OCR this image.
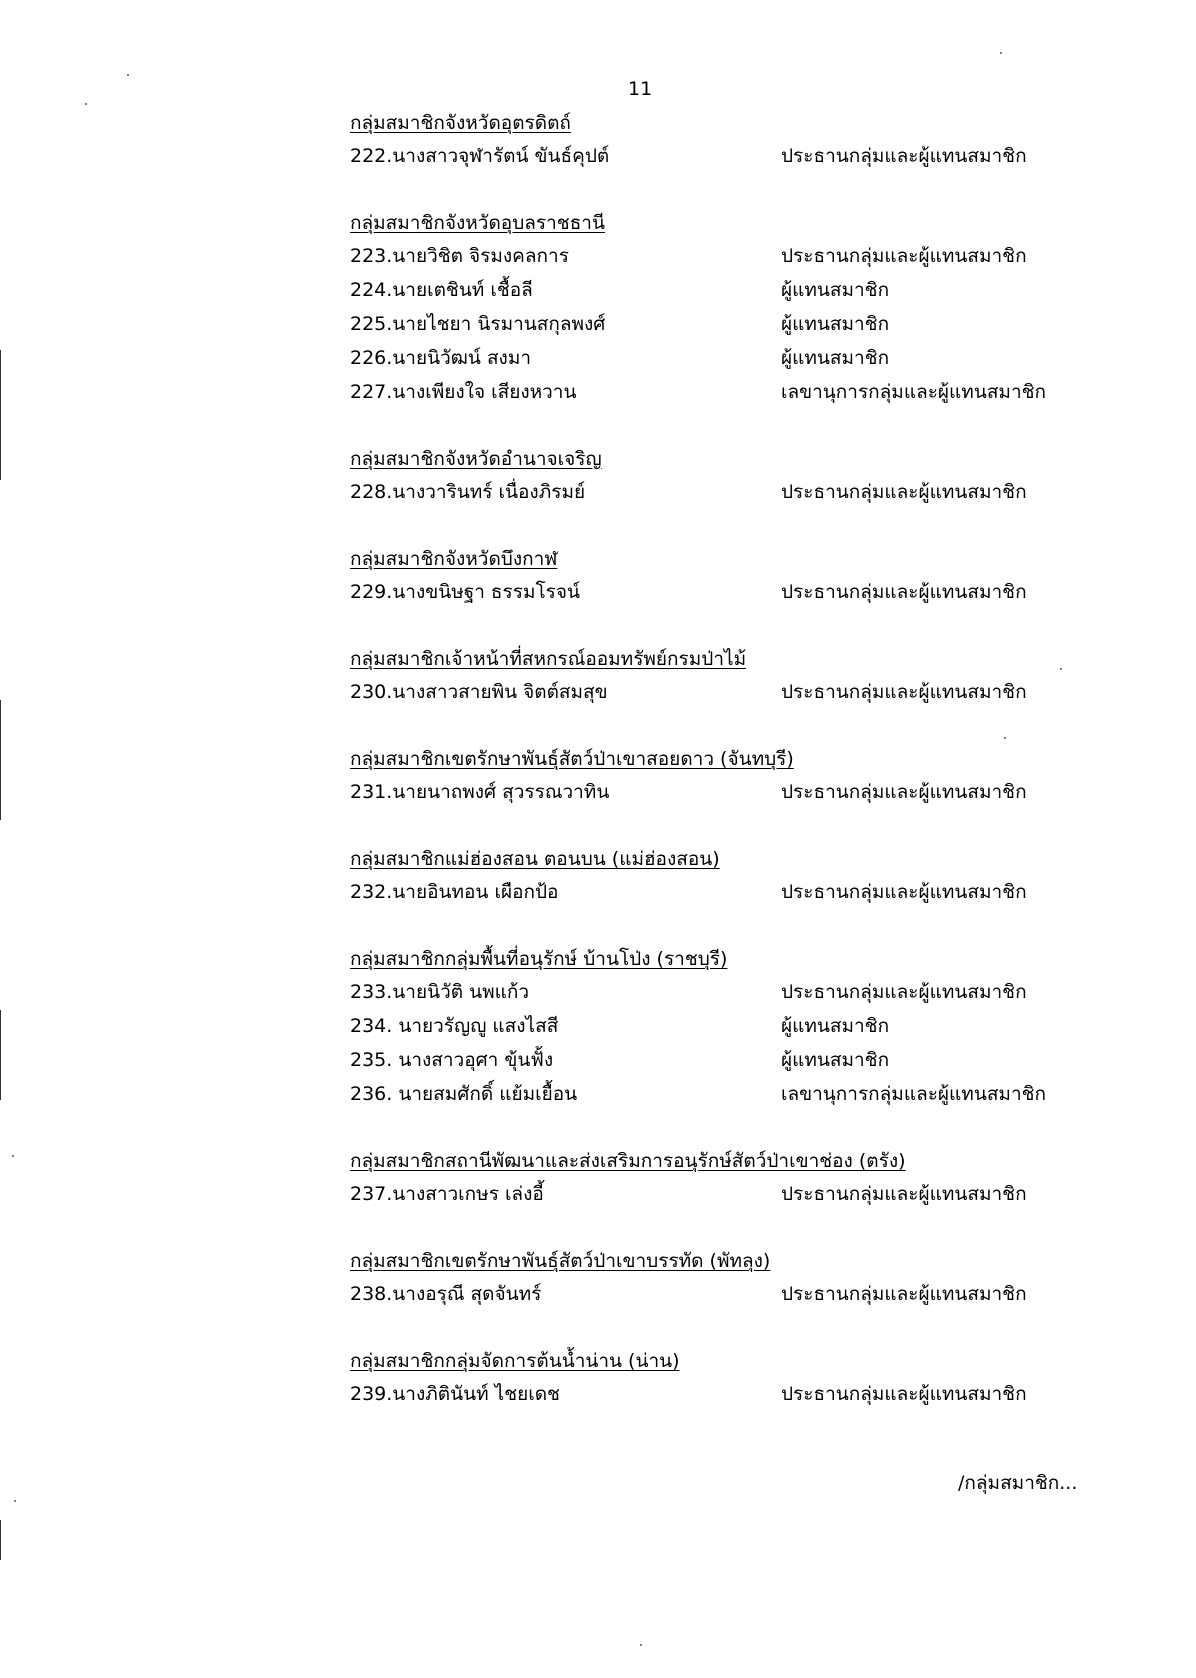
11
กลุ่มสมาชิกจังหวัดอุตรดิตถ์
222.นางสาวจุฬารัตน์ ขันธ์คุปต์	ประธานกลุ่มและผู้แทนสมาชิก
กลุ่มสมาชิกจังหวัดอุบลราชธานี
223.นายวิชิต จิรมงคลการ	ประธานกลุ่มและผู้แทนสมาชิก
224.นายเตชินท์ เชื้อลี	ผู้แทนสมาชิก
225.นายไชยา นิรมานสกุลพงศ์	ผู้แทนสมาชิก
226.นายนิวัฒน์ สงมา	ผู้แทนสมาชิก
227.นางเพียงใจ เสียงหวาน	เลขานุการกลุ่มและผู้แทนสมาชิก
กลุ่มสมาชิกจังหวัดอำนาจเจริญ
228.นางวารินทร์ เนื่องภิรมย์	ประธานกลุ่มและผู้แทนสมาชิก
กลุ่มสมาชิกจังหวัดบึงกาฬ
229.นางขนิษฐา ธรรมโรจน์	ประธานกลุ่มและผู้แทนสมาชิก
กลุ่มสมาชิกเจ้าหน้าที่สหกรณ์ออมทรัพย์กรมป่าไม้
230.นางสาวสายพิน จิตต์สมสุข	ประธานกลุ่มและผู้แทนสมาชิก
กลุ่มสมาชิกเขตรักษาพันธุ์สัตว์ป่าเขาสอยดาว (จันทบุรี)
231.นายนาถพงศ์ สุวรรณวาทิน	ประธานกลุ่มและผู้แทนสมาชิก
กลุ่มสมาชิกแม่ฮ่องสอน ตอนบน (แม่ฮ่องสอน)
232.นายอินทอน เผือกป้อ	ประธานกลุ่มและผู้แทนสมาชิก
กลุ่มสมาชิกกลุ่มพื้นที่อนุรักษ์ บ้านโป่ง (ราชบุรี)
233.นายนิวัติ นพแก้ว	ประธานกลุ่มและผู้แทนสมาชิก
234. นายวรัญญู แสงไสสี	ผู้แทนสมาชิก
235. นางสาวอุศา ขุ้นฟั้ง	ผู้แทนสมาชิก
236. นายสมศักดิ์ แย้มเยื้อน	เลขานุการกลุ่มและผู้แทนสมาชิก
กลุ่มสมาชิกสถานีพัฒนาและส่งเสริมการอนุรักษ์สัตว์ป่าเขาช่อง (ตรัง)
237.นางสาวเกษร เล่งอี้	ประธานกลุ่มและผู้แทนสมาชิก
กลุ่มสมาชิกเขตรักษาพันธุ์สัตว์ป่าเขาบรรทัด (พัทลุง)
238.นางอรุณี สุดจันทร์	ประธานกลุ่มและผู้แทนสมาชิก
กลุ่มสมาชิกกลุ่มจัดการต้นน้ำน่าน (น่าน)
239.นางภิตินันท์ ไชยเดช	ประธานกลุ่มและผู้แทนสมาชิก
/กลุ่มสมาชิก...
